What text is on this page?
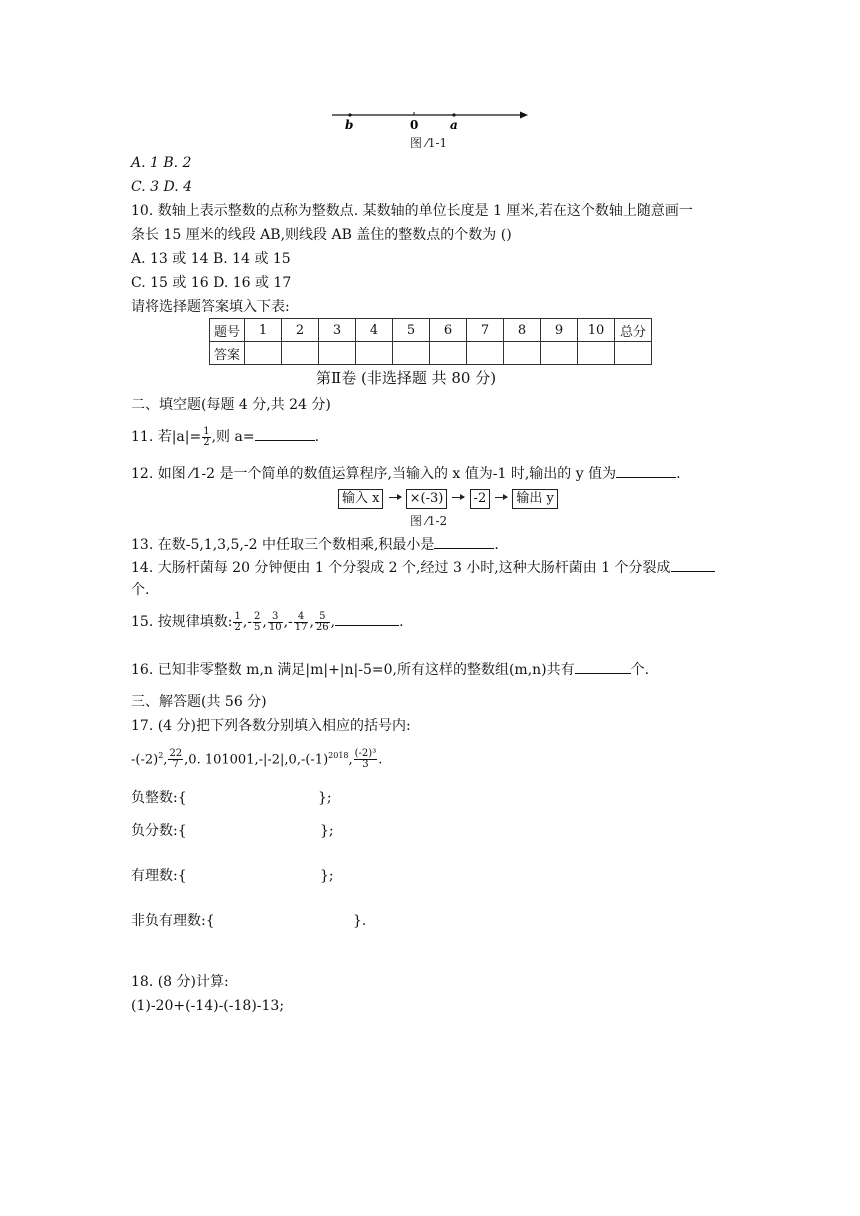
b	0	a
图 ⁄1-1
A. 1 B. 2
C. 3 D. 4
10. 数轴上表示整数的点称为整数点. 某数轴的单位长度是 1 厘米,若在这个数轴上随意画一
条长 15 厘米的线段 AB,则线段 AB 盖住的整数点的个数为 ()
A. 13 或 14 B. 14 或 15
C. 15 或 16 D. 16 或 17
请将选择题答案填入下表:
题号	1	2	3	4	5	6	7	8	9	10	总分
答案											
第Ⅱ卷 (非选择题 共 80 分)
二、填空题(每题 4 分,共 24 分)
11. 若$|a|= \frac{1}{2}$ ,则 a=	.
12. 如图 ⁄1-2 是一个简单的数值运算程序,当输入的 x 值为-1 时,输出的 y 值为	.
输入 x ×(-3) -2 输出 y
图 ⁄1-2
13. 在数-5,1,3,5,-2 中任取三个数相乘,积最小是	.
14. 大肠杆菌每 20 分钟便由 1 个分裂成 2 个,经过 3 小时,这种大肠杆菌由 1 个分裂成
个.
15. 按规律填数: $\frac{1}{2}$ ,- $\frac{2}{5}$ , $\frac{3}{10}$ ,- $\frac{4}{17}$ , $\frac{5}{26}$ ,	.
16. 已知非零整数 m,n 满足|m|+|n|-5=0,所有这样的整数组(m,n)共有	个.
三、解答题(共 56 分)
17. (4 分)把下列各数分别填入相应的括号内:
$-(-2)^2$, $\frac{22}{7} ,0$. $101001,-|-2|,0,-(-1)^{2018}$, $\frac{\text{(-2)³}}{3}$ .
负整数:{	};
负分数:{	};
有理数:{	};
非负有理数:{	}.
18. (8 分)计算:
(1)-20+(-14)-(-18)-13;
